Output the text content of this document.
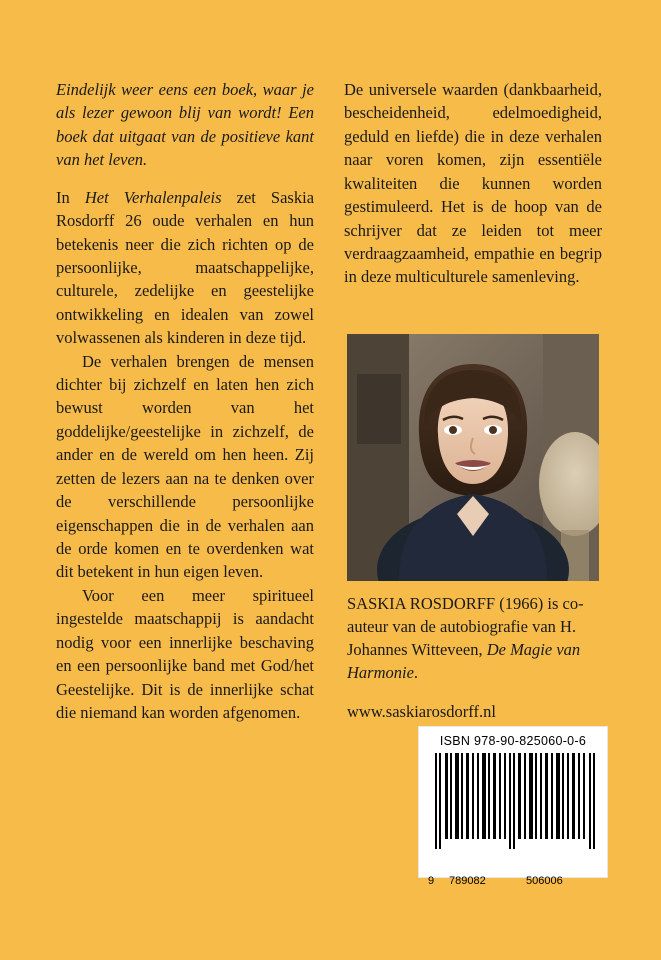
Eindelijk weer eens een boek, waar je als lezer gewoon blij van wordt! Een boek dat uitgaat van de positieve kant van het leven.

In Het Verhalenpaleis zet Saskia Rosdorff 26 oude verhalen en hun betekenis neer die zich richten op de persoonlijke, maatschappelijke, culturele, zedelijke en geestelijke ontwikkeling en idealen van zowel volwassenen als kinderen in deze tijd.

De verhalen brengen de mensen dichter bij zichzelf en laten hen zich bewust worden van het goddelijke/geestelijke in zichzelf, de ander en de wereld om hen heen. Zij zetten de lezers aan na te denken over de verschillende persoonlijke eigenschappen die in de verhalen aan de orde komen en te overdenken wat dit betekent in hun eigen leven.

Voor een meer spiritueel ingestelde maatschappij is aandacht nodig voor een innerlijke beschaving en een persoonlijke band met God/het Geestelijke. Dit is de innerlijke schat die niemand kan worden afgenomen.

De universele waarden (dankbaarheid, bescheidenheid, edelmoedigheid, geduld en liefde) die in deze verhalen naar voren komen, zijn essentiële kwaliteiten die kunnen worden gestimuleerd. Het is de hoop van de schrijver dat ze leiden tot meer verdraagzaamheid, empathie en begrip in deze multiculturele samenleving.

SASKIA ROSDORFF (1966) is co-auteur van de autobiografie van H. Johannes Witteveen, De Magie van Harmonie.

www.saskiarosdorff.nl

ISBN 978-90-825060-0-6
9 789082	506006
